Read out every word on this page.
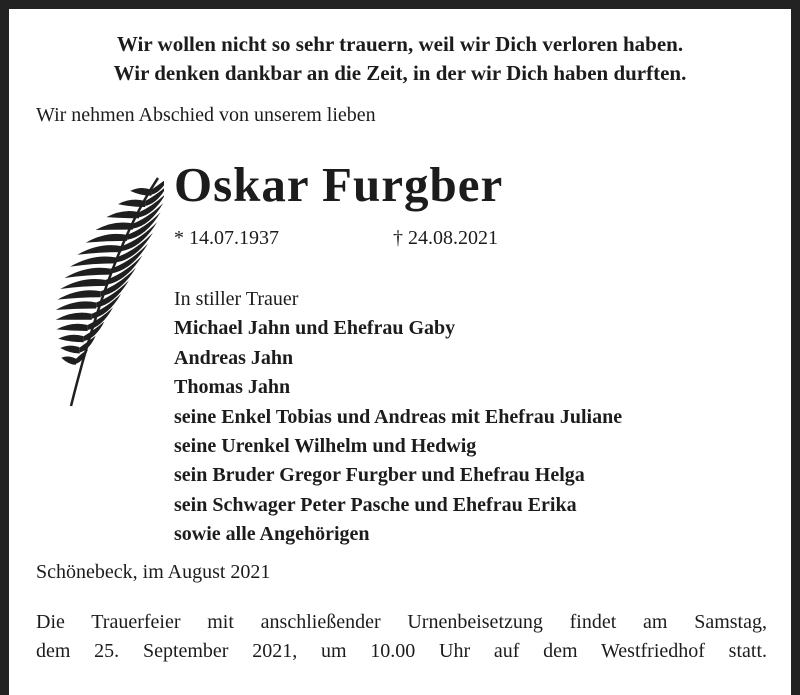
Wir wollen nicht so sehr trauern, weil wir Dich verloren haben.
Wir denken dankbar an die Zeit, in der wir Dich haben durften.
Wir nehmen Abschied von unserem lieben
Oskar Furgber
* 14.07.1937	† 24.08.2021
In stiller Trauer
Michael Jahn und Ehefrau Gaby
Andreas Jahn
Thomas Jahn
seine Enkel Tobias und Andreas mit Ehefrau Juliane
seine Urenkel Wilhelm und Hedwig
sein Bruder Gregor Furgber und Ehefrau Helga
sein Schwager Peter Pasche und Ehefrau Erika
sowie alle Angehörigen
Schönebeck, im August 2021
Die Trauerfeier mit anschließender Urnenbeisetzung findet am Samstag,
dem 25. September 2021, um 10.00 Uhr auf dem Westfriedhof statt.
